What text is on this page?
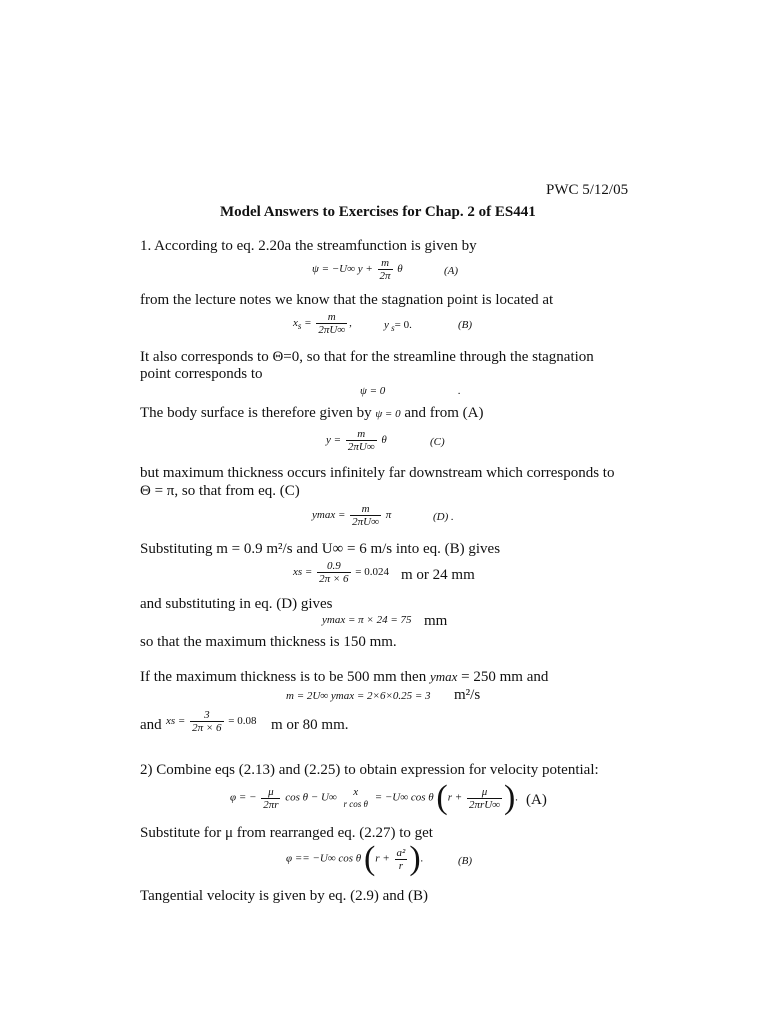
PWC 5/12/05
Model Answers to Exercises for Chap. 2 of ES441
1. According to eq. 2.20a the streamfunction is given by
ψ = −U∞ $y + \frac{m}{2\pi}$ θ	(A)
from the lecture notes we know that the stagnation point is located at
$x_s = \frac{m}{2\pi U\infty}$ ,	y $_s$= 0.	(B)
It also corresponds to Θ=0, so that for the streamline through the stagnation
point corresponds to
ψ = 0	.
The body surface is therefore given by ψ = 0 and from (A)
$y = \frac{m}{2\pi U\infty}$ θ	(C)
but maximum thickness occurs infinitely far downstream which corresponds to
Θ = π, so that from eq. (C)
$ymax = \frac{m}{2\pi U\infty}$ π	(D) .
Substituting m = 0.9 m²/s and U∞ = 6 m/s into eq. (B) gives
xs = $\frac{0.9}{2\pi \times 6} = 0.024$ m or 24 mm
and substituting in eq. (D) gives
ymax = π × 24 = 75 mm
so that the maximum thickness is 150 mm.
If the maximum thickness is to be 500 mm then ymax = 250 mm and
m = 2U∞ ymax = 2×6×0.25 = 3 m²/s
and xs = $\frac{3}{2\pi \times 6} = 0.08$ m or 80 mm.
2) Combine eqs (2.13) and (2.25) to obtain expression for velocity potential:
φ = − $\frac{\mu}{2\pi r}$ cos θ − U∞	x
r cos θ
= −U∞ cos θ ($r + \frac{\mu}{\text{2πrU∞}}$ ). (A)
Substitute for μ from rearranged eq. (2.27) to get
φ == −U∞ cos θ ($r + \frac{\text{a²}}{r}$ ).	(B)
Tangential velocity is given by eq. (2.9) and (B)
